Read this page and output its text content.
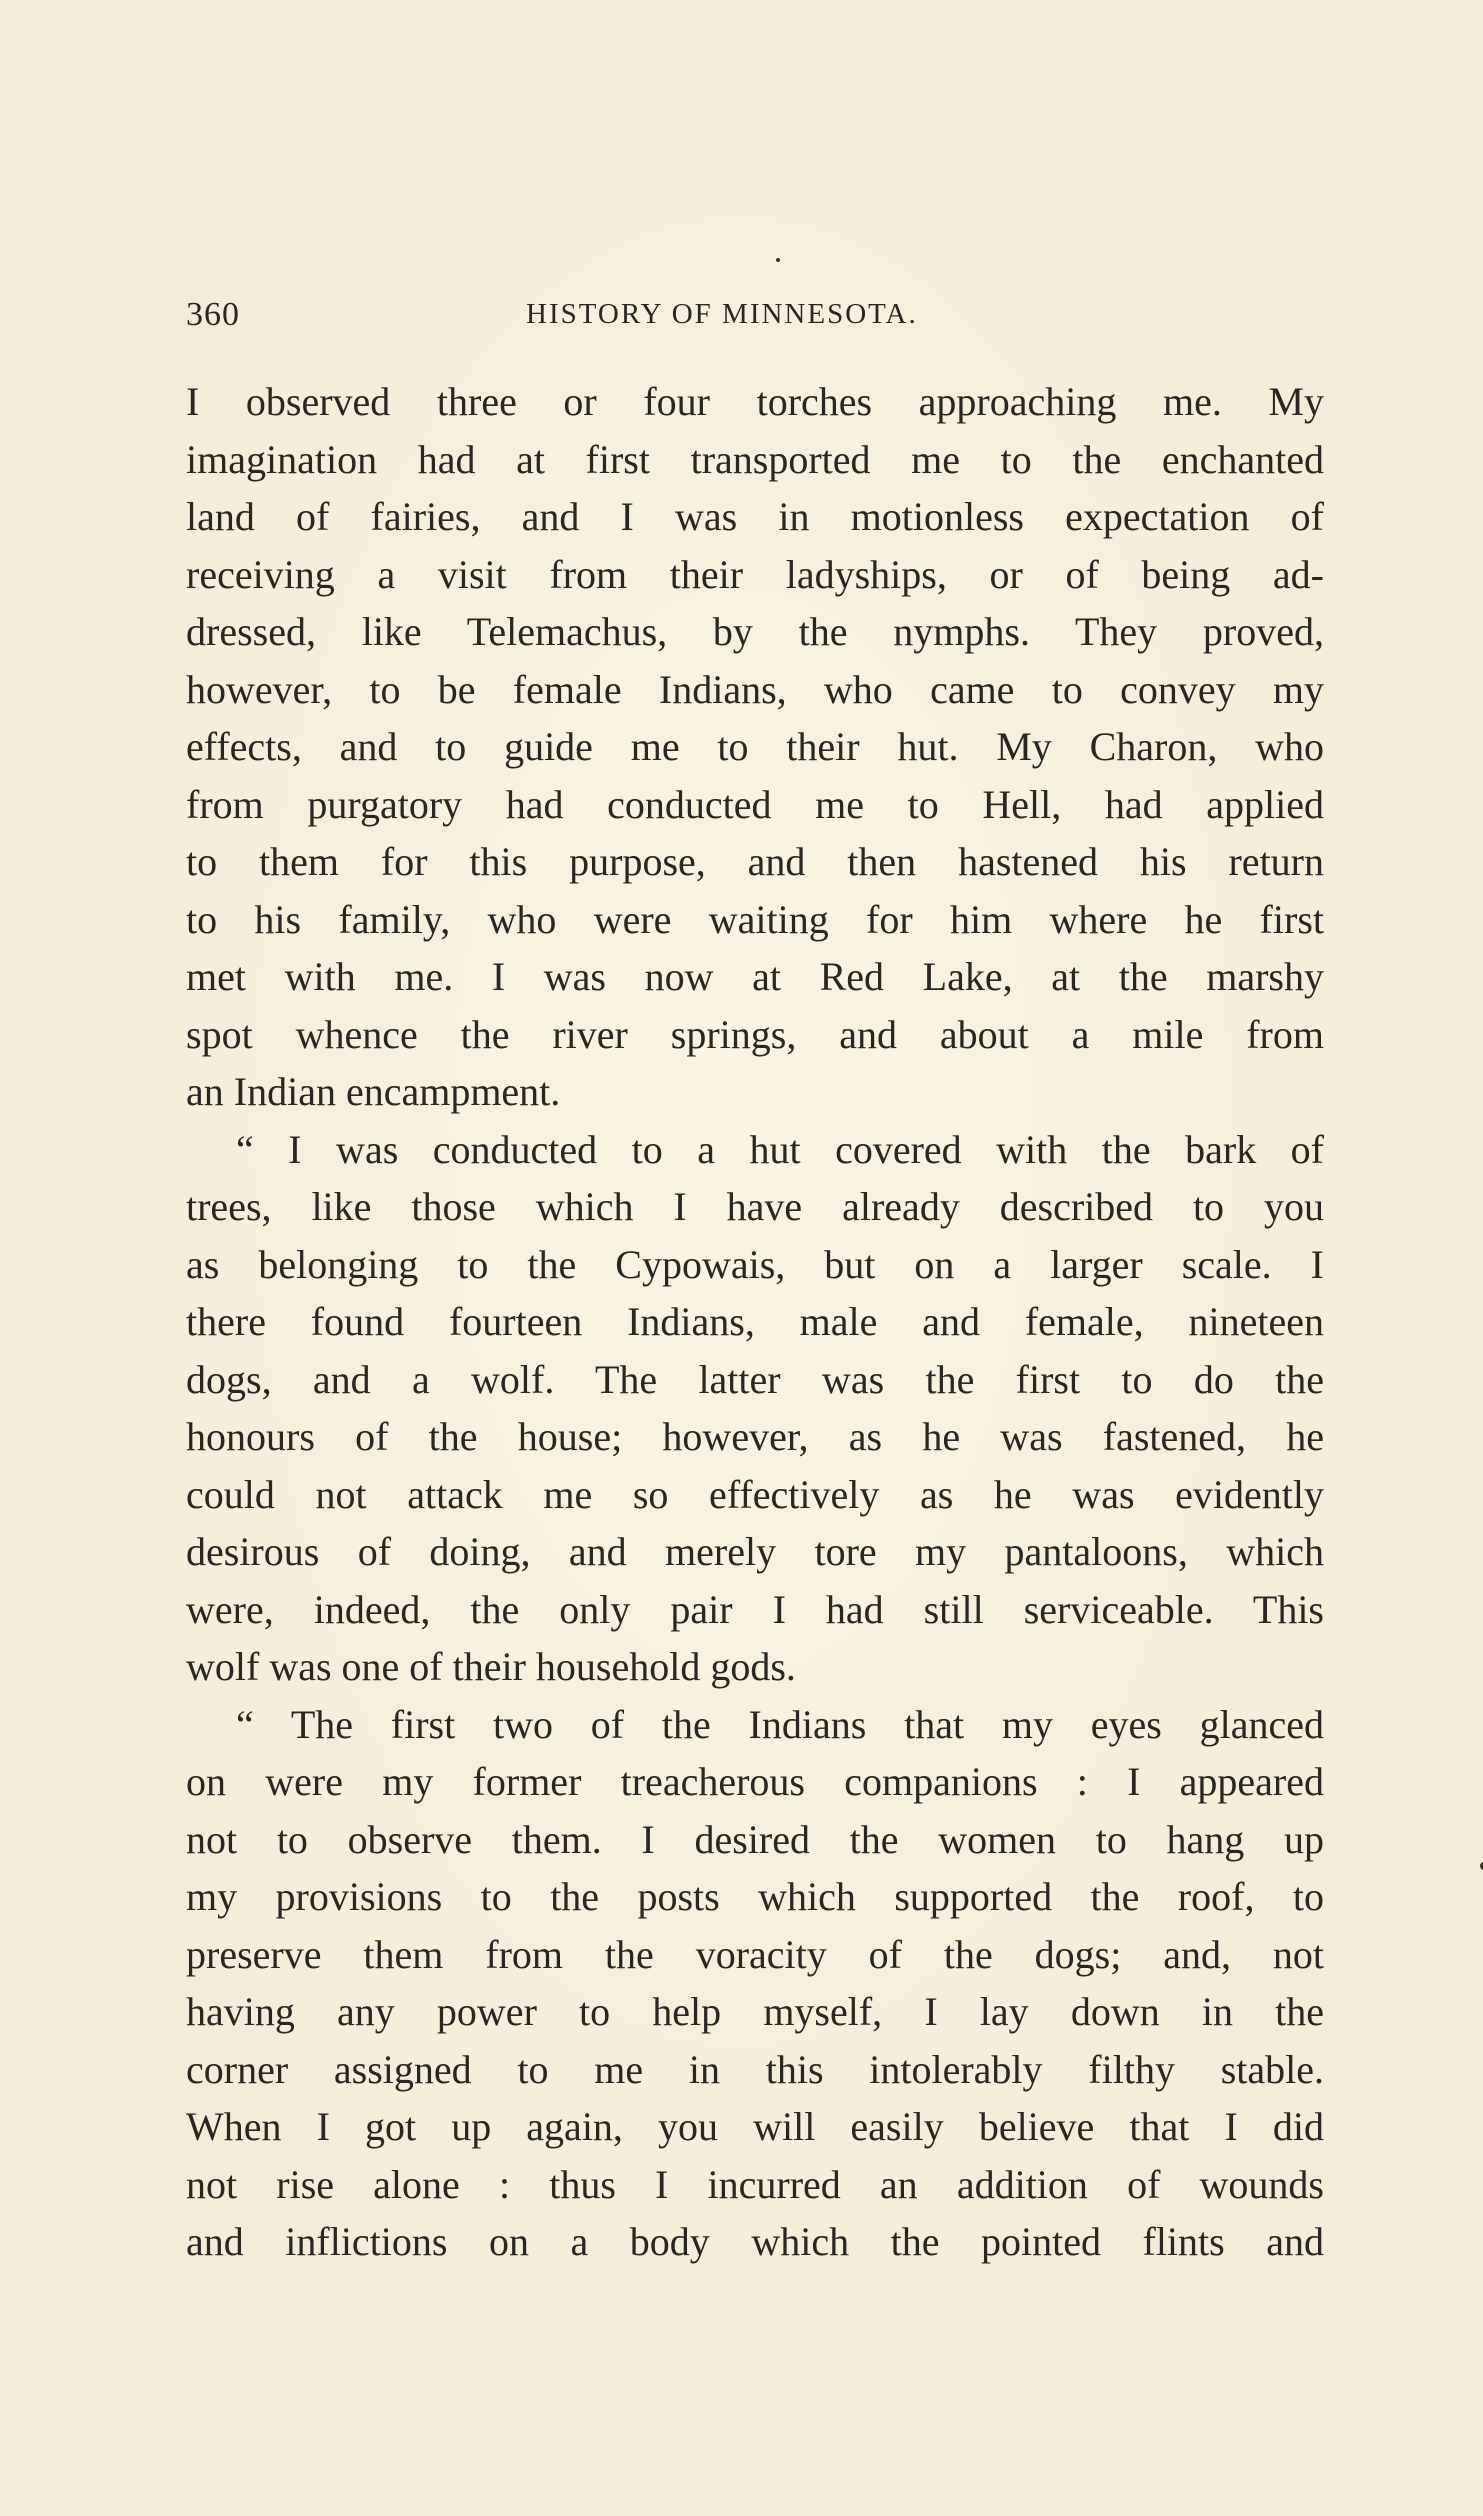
360	HISTORY OF MINNESOTA.
I observed three or four torches approaching me. My
imagination had at first transported me to the enchanted
land of fairies, and I was in motionless expectation of
receiving a visit from their ladyships, or of being ad-
dressed, like Telemachus, by the nymphs. They proved,
however, to be female Indians, who came to convey my
effects, and to guide me to their hut. My Charon, who
from purgatory had conducted me to Hell, had applied
to them for this purpose, and then hastened his return
to his family, who were waiting for him where he first
met with me. I was now at Red Lake, at the marshy
spot whence the river springs, and about a mile from
an Indian encampment.
“ I was conducted to a hut covered with the bark of
trees, like those which I have already described to you
as belonging to the Cypowais, but on a larger scale. I
there found fourteen Indians, male and female, nineteen
dogs, and a wolf. The latter was the first to do the
honours of the house; however, as he was fastened, he
could not attack me so effectively as he was evidently
desirous of doing, and merely tore my pantaloons, which
were, indeed, the only pair I had still serviceable. This
wolf was one of their household gods.
“ The first two of the Indians that my eyes glanced
on were my former treacherous companions : I appeared
not to observe them. I desired the women to hang up
my provisions to the posts which supported the roof, to
preserve them from the voracity of the dogs; and, not
having any power to help myself, I lay down in the
corner assigned to me in this intolerably filthy stable.
When I got up again, you will easily believe that I did
not rise alone : thus I incurred an addition of wounds
and inflictions on a body which the pointed flints and
